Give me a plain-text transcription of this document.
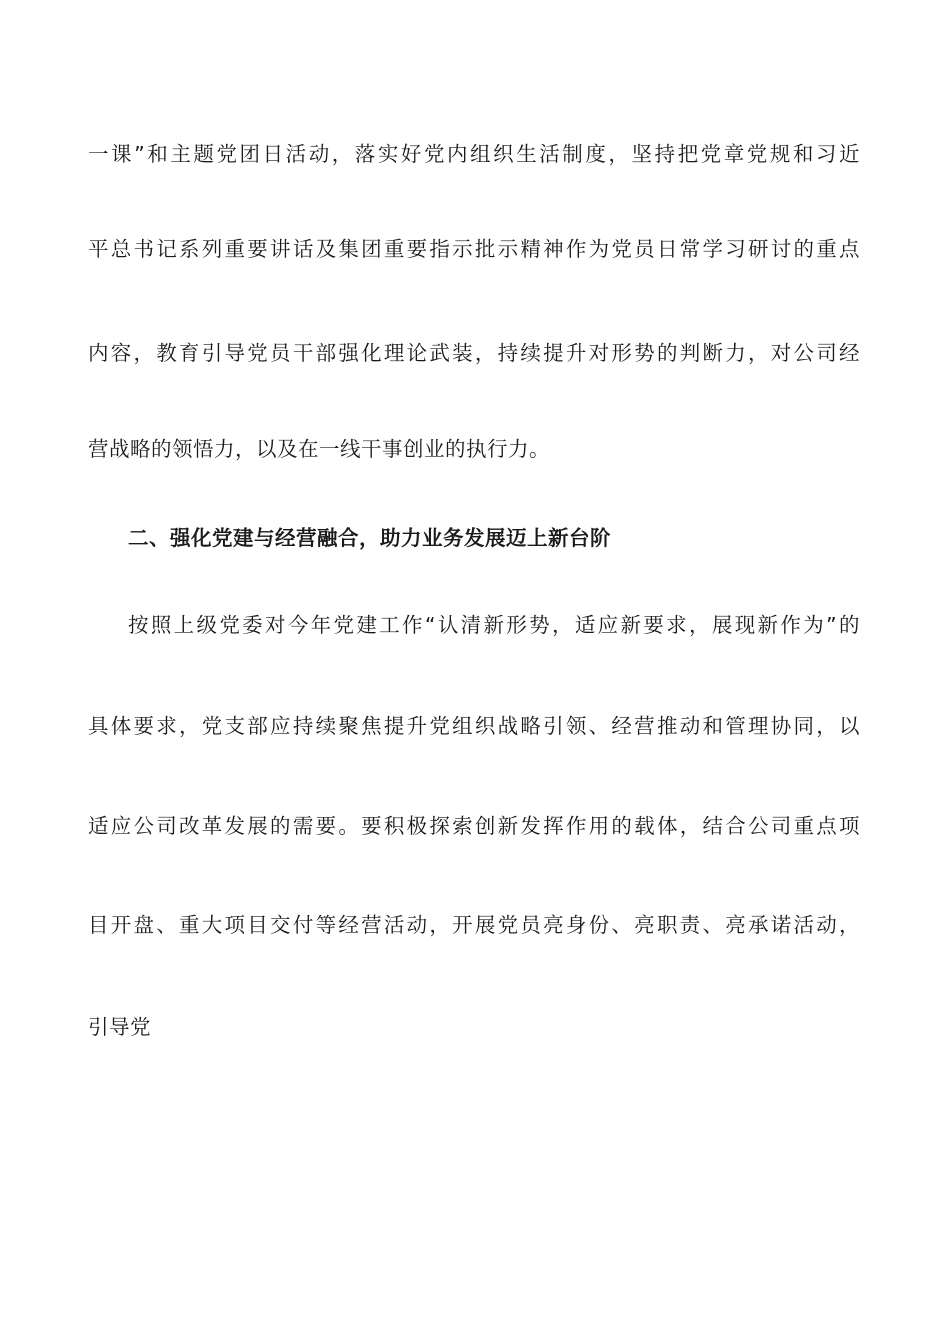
一课”和主题党团日活动，落实好党内组织生活制度，坚持把党章党规和习近
平总书记系列重要讲话及集团重要指示批示精神作为党员日常学习研讨的重点
内容，教育引导党员干部强化理论武装，持续提升对形势的判断力，对公司经
营战略的领悟力，以及在一线干事创业的执行力。
二、强化党建与经营融合，助力业务发展迈上新台阶
按照上级党委对今年党建工作“认清新形势，适应新要求，展现新作为”的
具体要求，党支部应持续聚焦提升党组织战略引领、经营推动和管理协同，以
适应公司改革发展的需要。要积极探索创新发挥作用的载体，结合公司重点项
目开盘、重大项目交付等经营活动，开展党员亮身份、亮职责、亮承诺活动，
引导党
